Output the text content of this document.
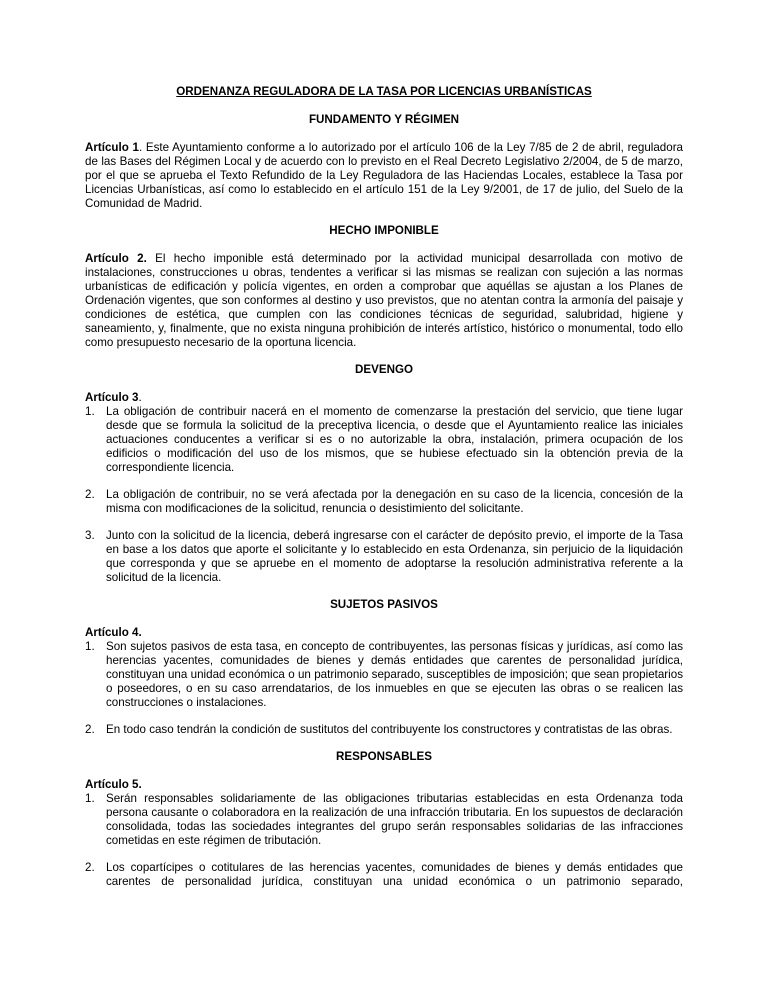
ORDENANZA REGULADORA DE LA TASA POR LICENCIAS URBANÍSTICAS
FUNDAMENTO Y RÉGIMEN

Artículo 1. Este Ayuntamiento conforme a lo autorizado por el artículo 106 de la Ley 7/85 de 2 de abril, reguladora de las Bases del Régimen Local y de acuerdo con lo previsto en el Real Decreto Legislativo 2/2004, de 5 de marzo, por el que se aprueba el Texto Refundido de la Ley Reguladora de las Haciendas Locales, establece la Tasa por Licencias Urbanísticas, así como lo establecido en el artículo 151 de la Ley 9/2001, de 17 de julio, del Suelo de la Comunidad de Madrid.

HECHO IMPONIBLE

Artículo 2. El hecho imponible está determinado por la actividad municipal desarrollada con motivo de instalaciones, construcciones u obras, tendentes a verificar si las mismas se realizan con sujeción a las normas urbanísticas de edificación y policía vigentes, en orden a comprobar que aquéllas se ajustan a los Planes de Ordenación vigentes, que son conformes al destino y uso previstos, que no atentan contra la armonía del paisaje y condiciones de estética, que cumplen con las condiciones técnicas de seguridad, salubridad, higiene y saneamiento, y, finalmente, que no exista ninguna prohibición de interés artístico, histórico o monumental, todo ello como presupuesto necesario de la oportuna licencia.

DEVENGO
Artículo 3.
1. La obligación de contribuir nacerá en el momento de comenzarse la prestación del servicio, que tiene lugar desde que se formula la solicitud de la preceptiva licencia, o desde que el Ayuntamiento realice las iniciales actuaciones conducentes a verificar si es o no autorizable la obra, instalación, primera ocupación de los edificios o modificación del uso de los mismos, que se hubiese efectuado sin la obtención previa de la correspondiente licencia.
2. La obligación de contribuir, no se verá afectada por la denegación en su caso de la licencia, concesión de la misma con modificaciones de la solicitud, renuncia o desistimiento del solicitante.
3. Junto con la solicitud de la licencia, deberá ingresarse con el carácter de depósito previo, el importe de la Tasa en base a los datos que aporte el solicitante y lo establecido en esta Ordenanza, sin perjuicio de la liquidación que corresponda y que se apruebe en el momento de adoptarse la resolución administrativa referente a la solicitud de la licencia.
SUJETOS PASIVOS
Artículo 4.
1. Son sujetos pasivos de esta tasa, en concepto de contribuyentes, las personas físicas y jurídicas, así como las herencias yacentes, comunidades de bienes y demás entidades que carentes de personalidad jurídica, constituyan una unidad económica o un patrimonio separado, susceptibles de imposición; que sean propietarios o poseedores, o en su caso arrendatarios, de los inmuebles en que se ejecuten las obras o se realicen las construcciones o instalaciones.
2. En todo caso tendrán la condición de sustitutos del contribuyente los constructores y contratistas de las obras.
RESPONSABLES
Artículo 5.
1. Serán responsables solidariamente de las obligaciones tributarias establecidas en esta Ordenanza toda persona causante o colaboradora en la realización de una infracción tributaria. En los supuestos de declaración consolidada, todas las sociedades integrantes del grupo serán responsables solidarias de las infracciones cometidas en este régimen de tributación.
2. Los copartícipes o cotitulares de las herencias yacentes, comunidades de bienes y demás entidades que carentes de personalidad jurídica, constituyan una unidad económica o un patrimonio separado,
